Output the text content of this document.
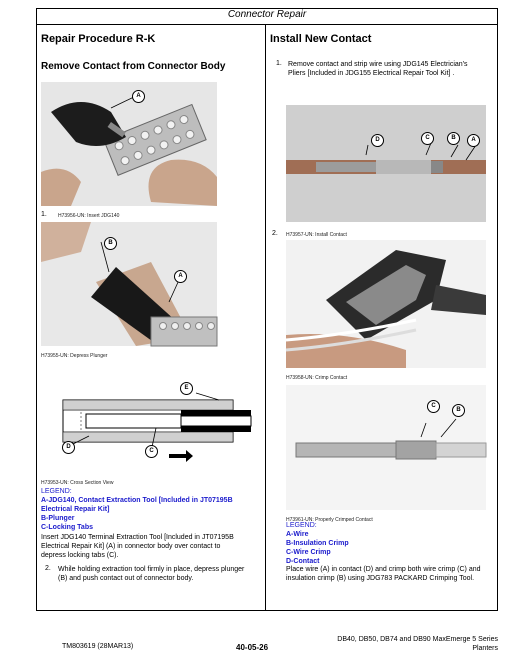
Connector Repair
Repair Procedure R-K
Remove Contact from Connector Body
A
1. H73956-UN: Insert JDG140
B
A
H73955-UN: Depress Plunger
E
D
C
H73953-UN: Cross Section View
LEGEND:
A-JDG140, Contact Extraction Tool [Included in JT07195B
Electrical Repair Kit]
B-Plunger
C-Locking Tabs
Insert JDG140 Terminal Extraction Tool [Included in JT07195B
Electrical Repair Kit] (A) in connector body over contact to
depress locking tabs (C).
2. While holding extraction tool firmly in place, depress plunger
(B) and push contact out of connector body.
Install New Contact
1. Remove contact and strip wire using JDG145 Electrician's
Pliers [Included in JDG155 Electrical Repair Tool Kit] .
D	C	B	A
2. H73957-UN: Install Contact
H73958-UN: Crimp Contact
C
B
H73961-UN: Properly Crimped Contact
LEGEND:
A-Wire
B-Insulation Crimp
C-Wire Crimp
D-Contact
Place wire (A) in contact (D) and crimp both wire crimp (C) and
insulation crimp (B) using JDG783 PACKARD Crimping Tool.
TM803619 (28MAR13)	40-05-26
DB40, DB50, DB74 and DB90 MaxEmerge 5 Series
Planters
